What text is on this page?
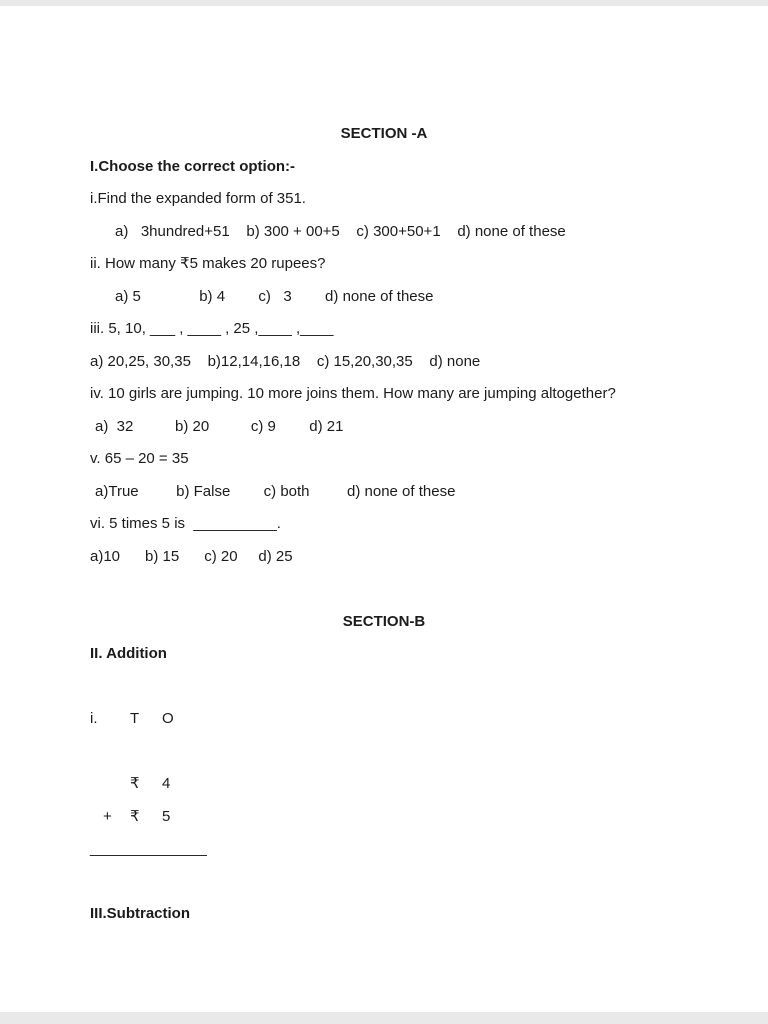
SECTION -A

I.Choose the correct option:-

i.Find the expanded form of 351.

a)   3hundred+51    b) 300 + 00+5    c) 300+50+1    d) none of these

ii. How many ₹5 makes 20 rupees?

a) 5              b) 4        c)   3        d) none of these

iii. 5, 10, ___ , ____ , 25 ,____ ,____

a) 20,25, 30,35    b)12,14,16,18    c) 15,20,30,35    d) none

iv. 10 girls are jumping. 10 more joins them. How many are jumping altogether?

a)  32          b) 20          c) 9        d) 21

v. 65 – 20 = 35

a)True         b) False        c) both         d) none of these

vi. 5 times 5 is  __________.

a)10      b) 15      c) 20     d) 25

SECTION-B

II. Addition

i. T O
₹ 4
+ ₹ 5

______________

III.Subtraction
